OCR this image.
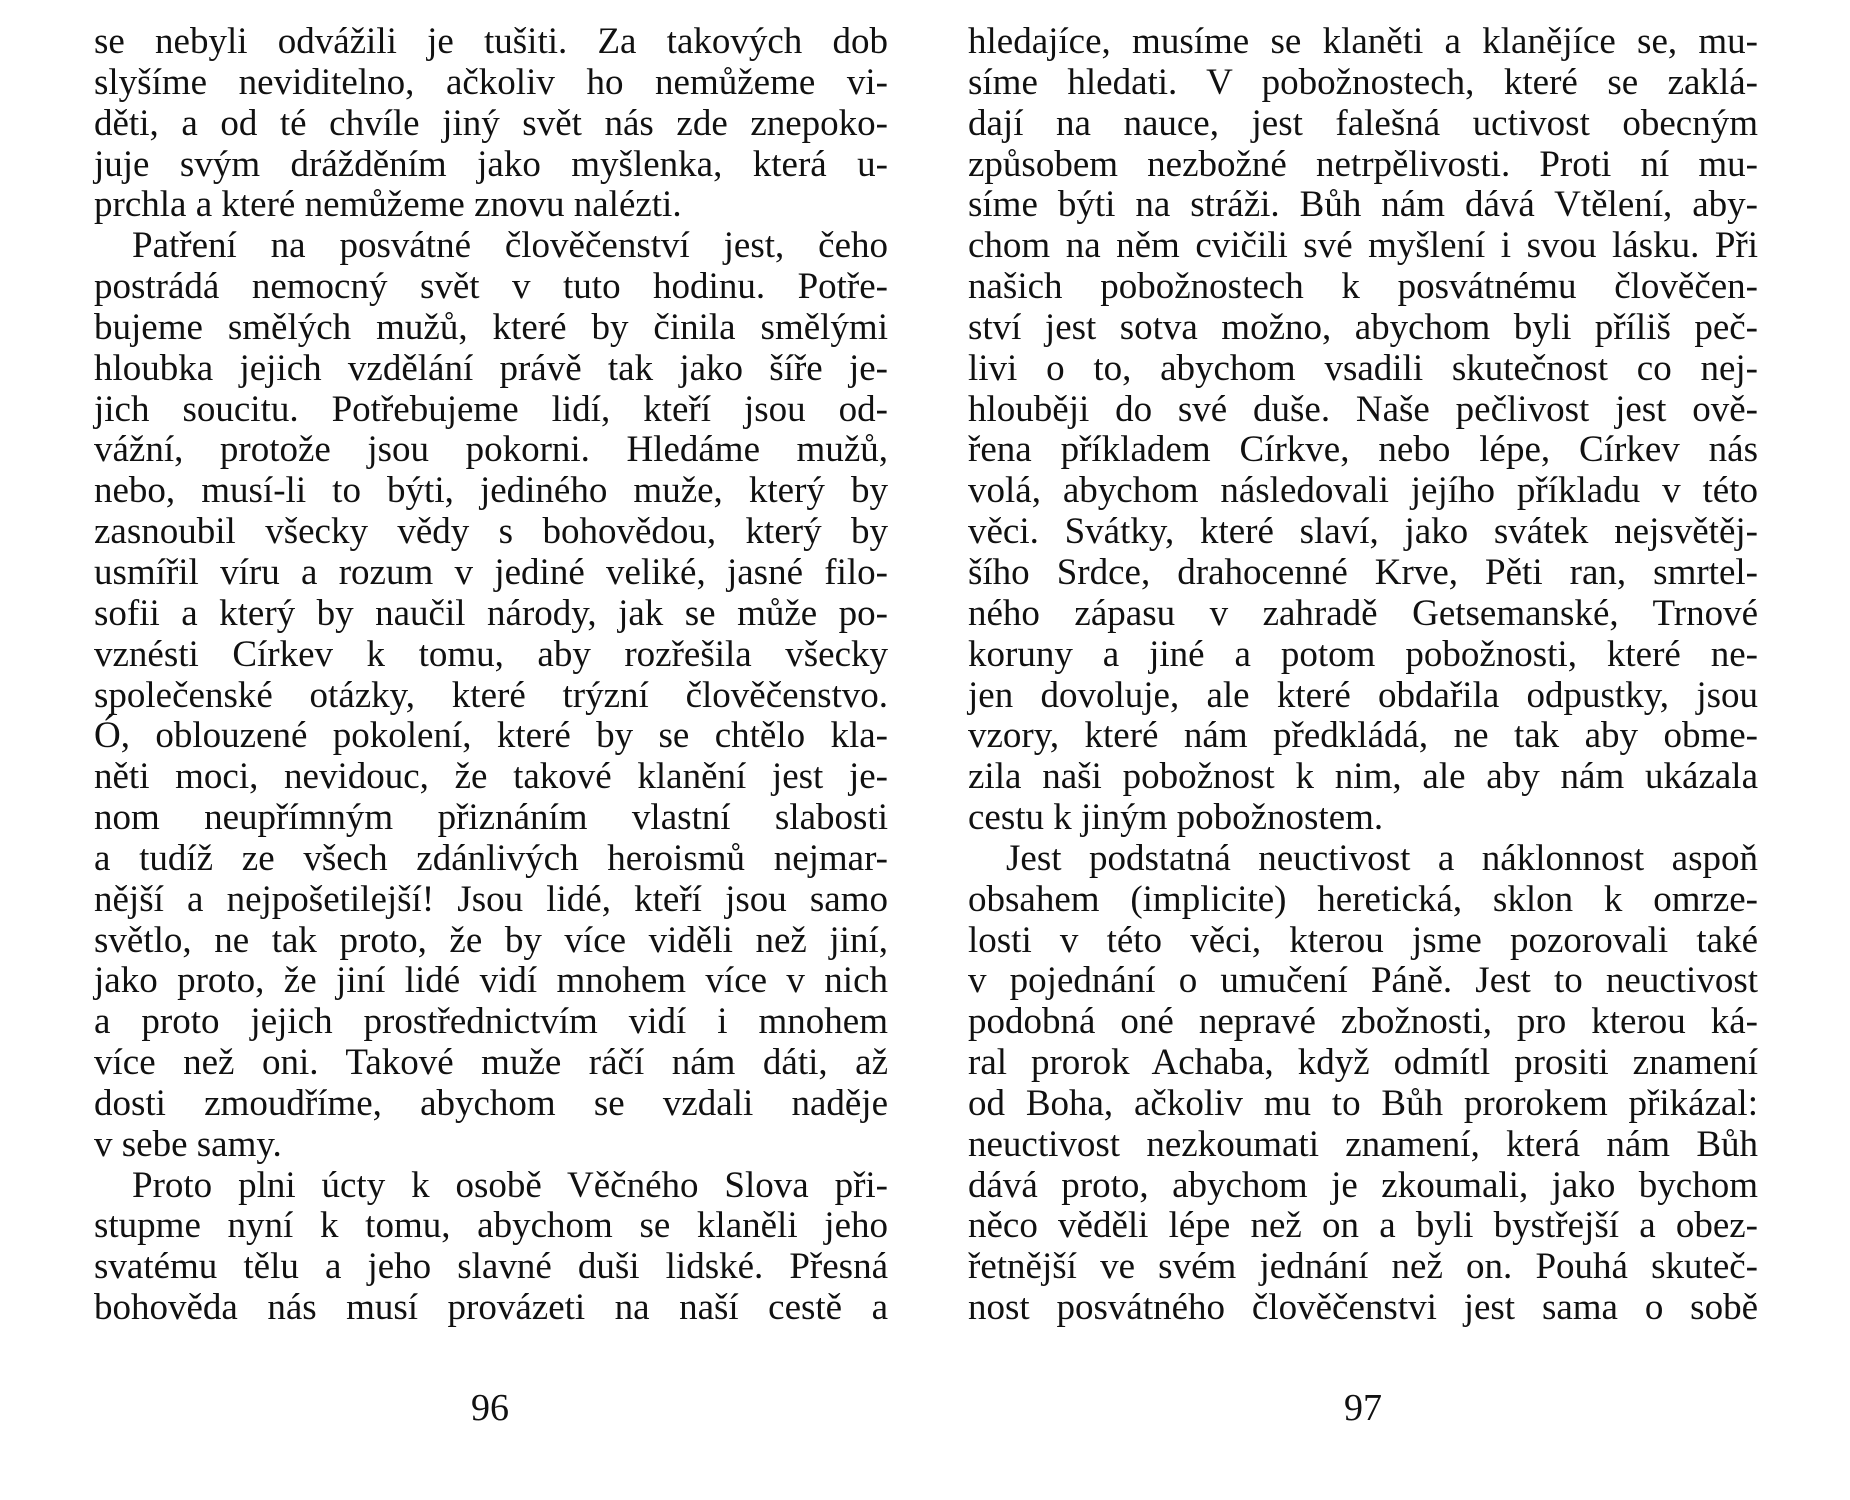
se nebyli odvážili je tušiti. Za takových dob
slyšíme neviditelno, ačkoliv ho nemůžeme vi-
děti, a od té chvíle jiný svět nás zde znepoko-
juje svým drážděním jako myšlenka, která u-
prchla a které nemůžeme znovu nalézti.
Patření na posvátné člověčenství jest, čeho
postrádá nemocný svět v tuto hodinu. Potře-
bujeme smělých mužů, které by činila smělými
hloubka jejich vzdělání právě tak jako šíře je-
jich soucitu. Potřebujeme lidí, kteří jsou od-
vážní, protože jsou pokorni. Hledáme mužů,
nebo, musí-li to býti, jediného muže, který by
zasnoubil všecky vědy s bohovědou, který by
usmířil víru a rozum v jediné veliké, jasné filo-
sofii a který by naučil národy, jak se může po-
vznésti Církev k tomu, aby rozřešila všecky
společenské otázky, které trýzní člověčenstvo.
Ó, oblouzené pokolení, které by se chtělo kla-
něti moci, nevidouc, že takové klanění jest je-
nom neupřímným přiznáním vlastní slabosti
a tudíž ze všech zdánlivých heroismů nejmar-
nější a nejpošetilejší! Jsou lidé, kteří jsou samo
světlo, ne tak proto, že by více viděli než jiní,
jako proto, že jiní lidé vidí mnohem více v nich
a proto jejich prostřednictvím vidí i mnohem
více než oni. Takové muže ráčí nám dáti, až
dosti zmoudříme, abychom se vzdali naděje
v sebe samy.
Proto plni úcty k osobě Věčného Slova při-
stupme nyní k tomu, abychom se klaněli jeho
svatému tělu a jeho slavné duši lidské. Přesná
bohověda nás musí provázeti na naší cestě a
hledajíce, musíme se klaněti a klanějíce se, mu-
síme hledati. V pobožnostech, které se zaklá-
dají na nauce, jest falešná uctivost obecným
způsobem nezbožné netrpělivosti. Proti ní mu-
síme býti na stráži. Bůh nám dává Vtělení, aby-
chom na něm cvičili své myšlení i svou lásku. Při
našich pobožnostech k posvátnému člověčen-
ství jest sotva možno, abychom byli příliš peč-
livi o to, abychom vsadili skutečnost co nej-
hlouběji do své duše. Naše pečlivost jest ově-
řena příkladem Církve, nebo lépe, Církev nás
volá, abychom následovali jejího příkladu v této
věci. Svátky, které slaví, jako svátek nejsvětěj-
šího Srdce, drahocenné Krve, Pěti ran, smrtel-
ného zápasu v zahradě Getsemanské, Trnové
koruny a jiné a potom pobožnosti, které ne-
jen dovoluje, ale které obdařila odpustky, jsou
vzory, které nám předkládá, ne tak aby obme-
zila naši pobožnost k nim, ale aby nám ukázala
cestu k jiným pobožnostem.
Jest podstatná neuctivost a náklonnost aspoň
obsahem (implicite) heretická, sklon k omrze-
losti v této věci, kterou jsme pozorovali také
v pojednání o umučení Páně. Jest to neuctivost
podobná oné nepravé zbožnosti, pro kterou ká-
ral prorok Achaba, když odmítl prositi znamení
od Boha, ačkoliv mu to Bůh prorokem přikázal:
neuctivost nezkoumati znamení, která nám Bůh
dává proto, abychom je zkoumali, jako bychom
něco věděli lépe než on a byli bystřejší a obez-
řetnější ve svém jednání než on. Pouhá skuteč-
nost posvátného člověčenstvi jest sama o sobě
96	97
